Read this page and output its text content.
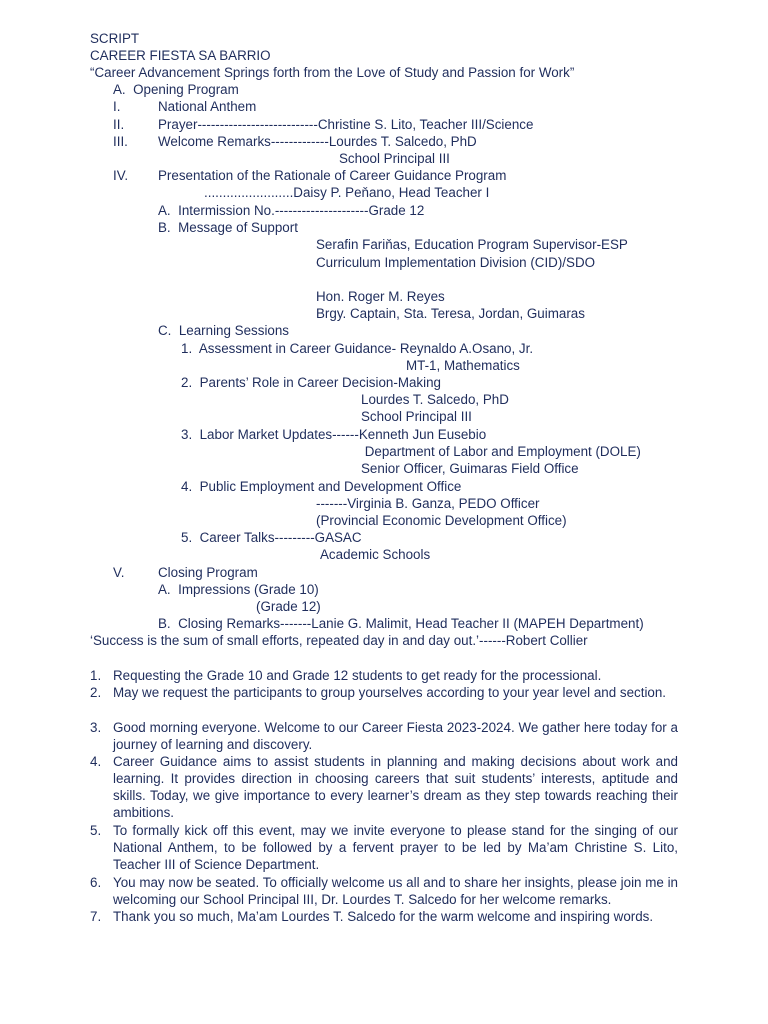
SCRIPT
CAREER FIESTA SA BARRIO
“Career Advancement Springs forth from the Love of Study and Passion for Work”
A.  Opening Program
I.	National Anthem
II.	Prayer---------------------------Christine S. Lito, Teacher III/Science
III. Welcome Remarks-------------Lourdes T. Salcedo, PhD
School Principal III
IV. Presentation of the Rationale of Career Guidance Program
........................Daisy P. Peňano, Head Teacher I
A.  Intermission No.---------------------Grade 12
B.  Message of Support
Serafin Fariňas, Education Program Supervisor-ESP
Curriculum Implementation Division (CID)/SDO
Hon. Roger M. Reyes
Brgy. Captain, Sta. Teresa, Jordan, Guimaras
C.  Learning Sessions
1.  Assessment in Career Guidance- Reynaldo A.Osano, Jr.
MT-1, Mathematics
2.  Parents’ Role in Career Decision-Making
Lourdes T. Salcedo, PhD
School Principal III
3.  Labor Market Updates------Kenneth Jun Eusebio
Department of Labor and Employment (DOLE)
Senior Officer, Guimaras Field Office
4.  Public Employment and Development Office
-------Virginia B. Ganza, PEDO Officer
(Provincial Economic Development Office)
5.  Career Talks---------GASAC
Academic Schools
V.	Closing Program
A.  Impressions (Grade 10)
(Grade 12)
B.  Closing Remarks-------Lanie G. Malimit, Head Teacher II (MAPEH Department)
‘Success is the sum of small efforts, repeated day in and day out.’------Robert Collier
1. Requesting the Grade 10 and Grade 12 students to get ready for the processional.
2. May we request the participants to group yourselves according to your year level and section.
3. Good morning everyone. Welcome to our Career Fiesta 2023-2024. We gather here today for a journey of learning and discovery.
4. Career Guidance aims to assist students in planning and making decisions about work and learning. It provides direction in choosing careers that suit students’ interests, aptitude and skills. Today, we give importance to every learner’s dream as they step towards reaching their ambitions.
5. To formally kick off this event, may we invite everyone to please stand for the singing of our National Anthem, to be followed by a fervent prayer to be led by Ma’am Christine S. Lito, Teacher III of Science Department.
6. You may now be seated. To officially welcome us all and to share her insights, please join me in welcoming our School Principal III, Dr. Lourdes T. Salcedo for her welcome remarks.
7. Thank you so much, Ma’am Lourdes T. Salcedo for the warm welcome and inspiring words.
